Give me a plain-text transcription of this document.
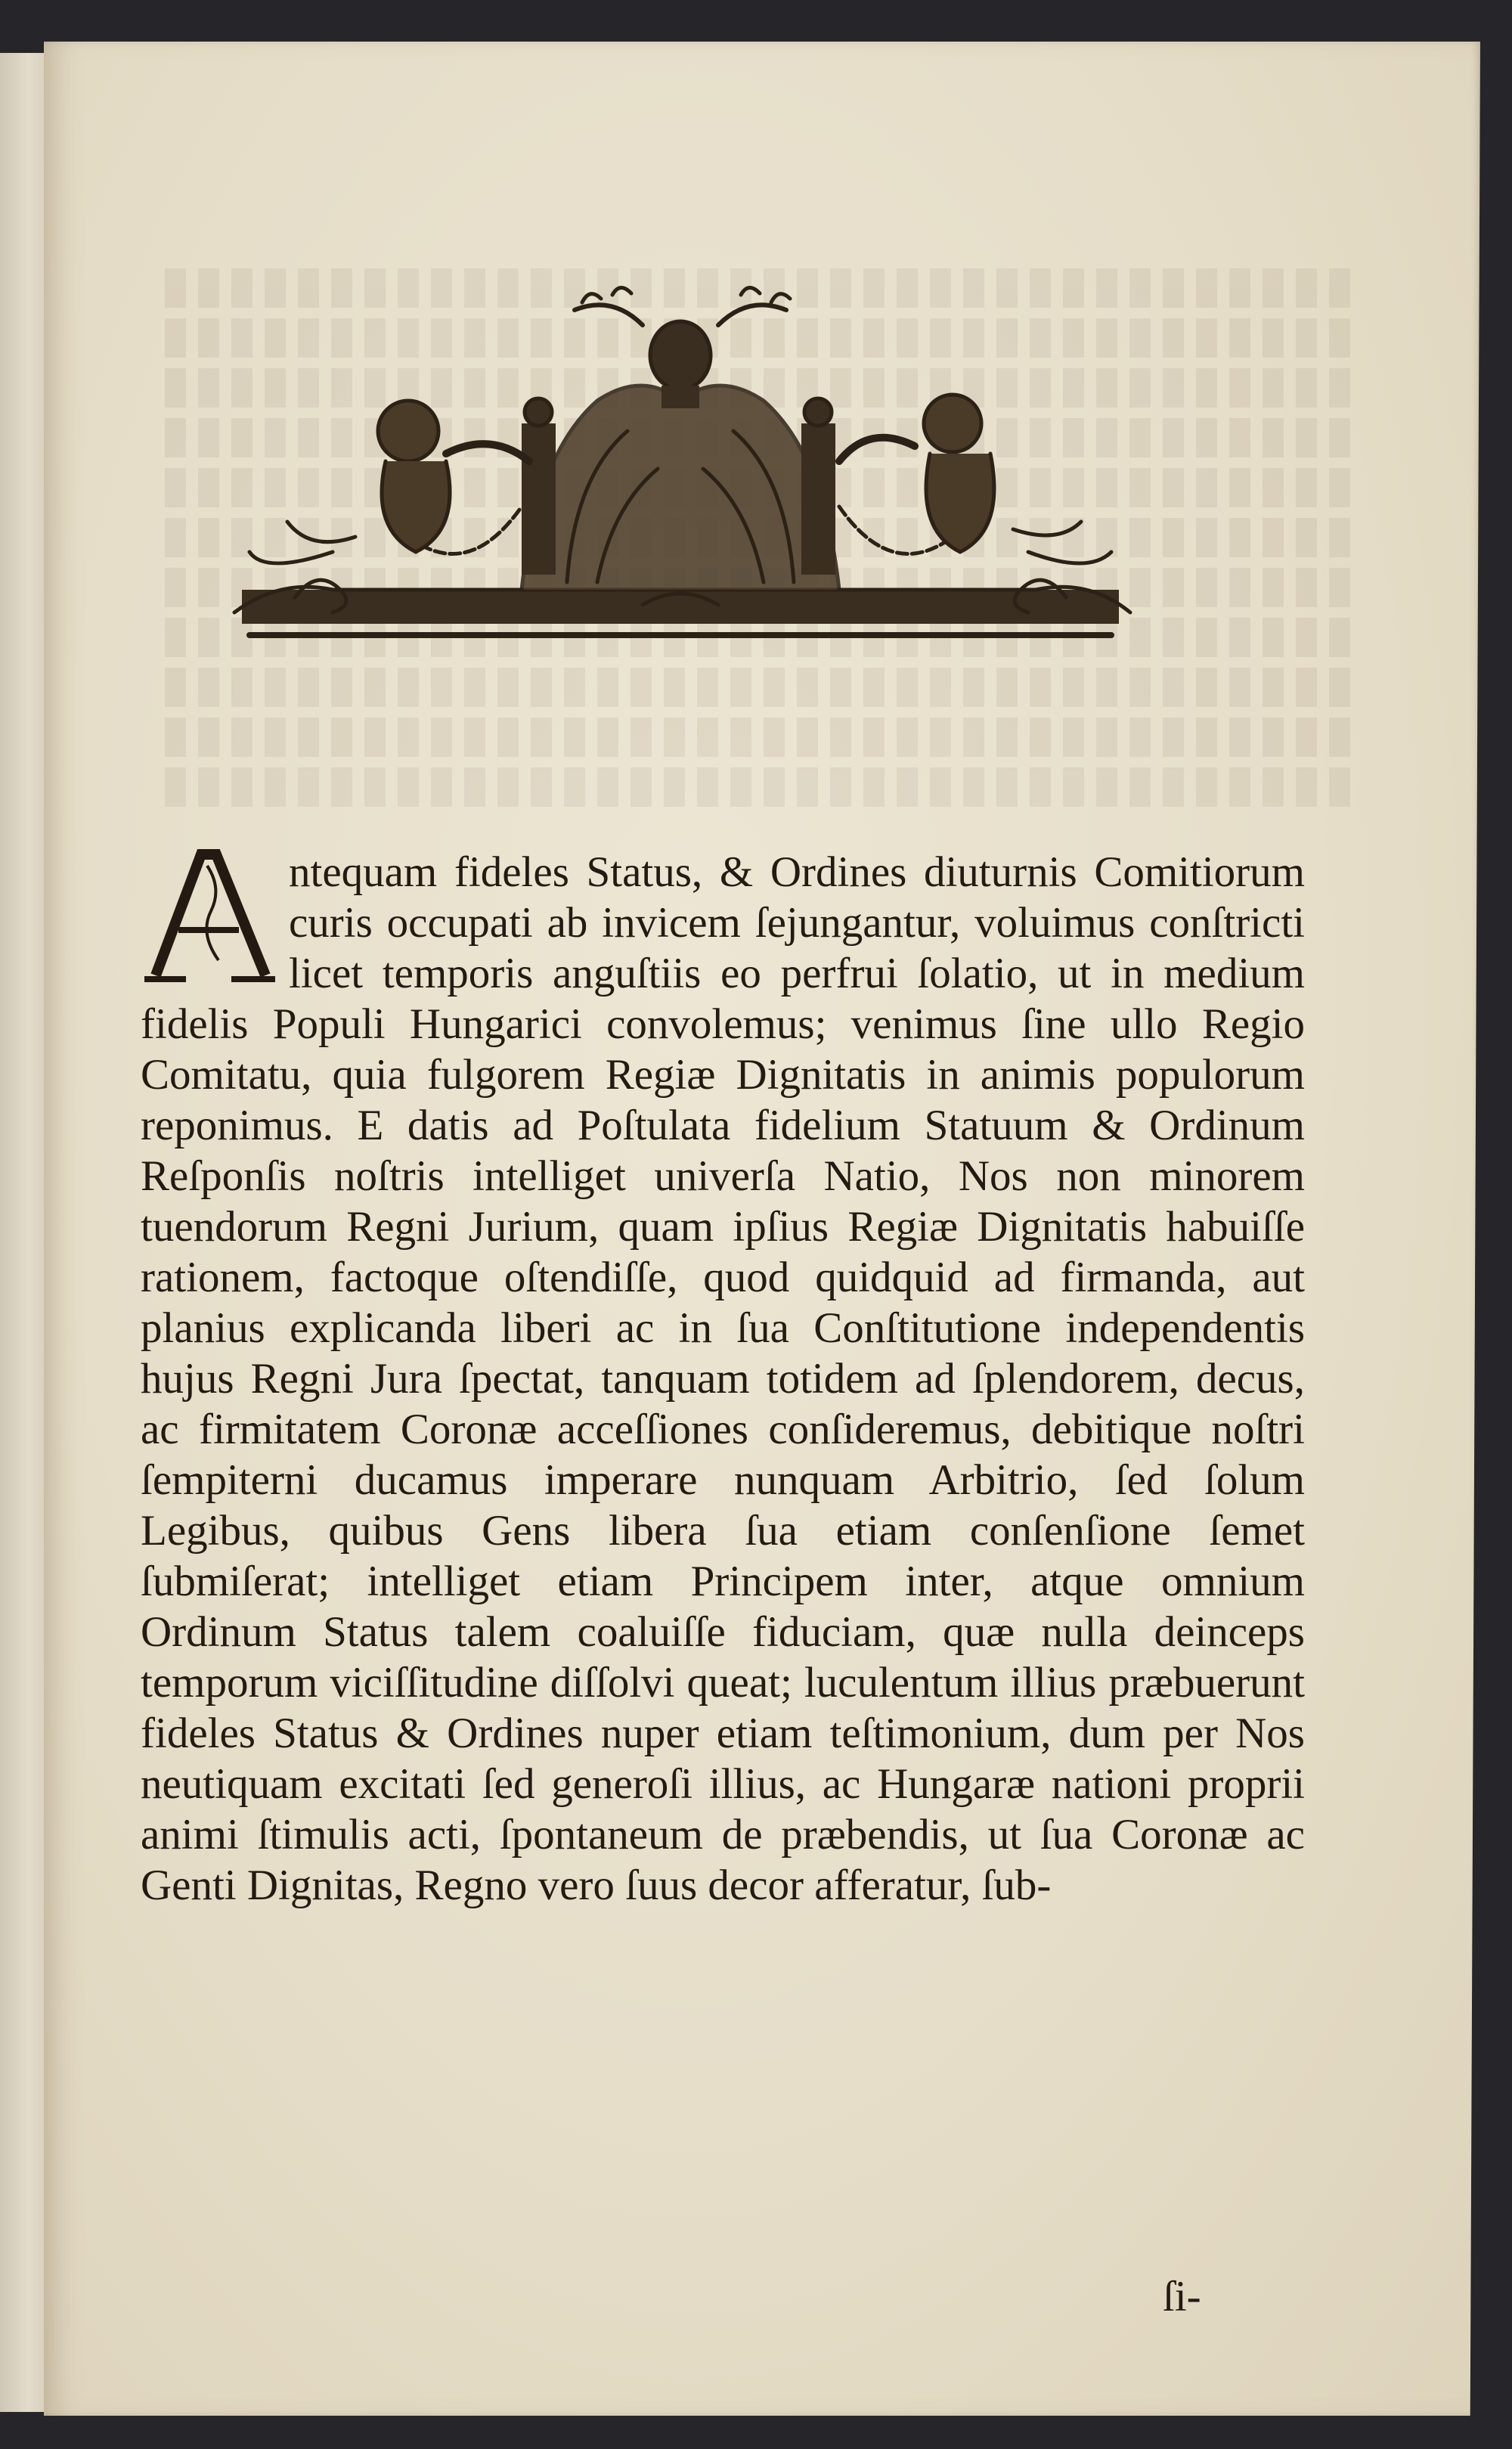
ntequam fideles Status, & Ordines diuturnis Comitiorum curis occupati ab invicem ſejungantur, voluimus conſtricti licet temporis anguſtiis eo perfrui ſolatio, ut in medium fidelis Populi Hungarici convolemus; venimus ſine ullo Regio Comitatu, quia fulgorem Regiæ Dignitatis in animis populorum reponimus. E datis ad Poſtulata fidelium Statuum & Ordinum Reſponſis noſtris intelliget univerſa Natio, Nos non minorem tuendorum Regni Jurium, quam ipſius Regiæ Dignitatis habuiſſe rationem, factoque oſtendiſſe, quod quidquid ad firmanda, aut planius explicanda liberi ac in ſua Conſtitutione independentis hujus Regni Jura ſpectat, tanquam totidem ad ſplendorem, decus, ac firmitatem Coronæ acceſſiones conſideremus, debitique noſtri ſempiterni ducamus imperare nunquam Arbitrio, ſed ſolum Legibus, quibus Gens libera ſua etiam conſenſione ſemet ſubmiſerat; intelliget etiam Principem inter, atque omnium Ordinum Status talem coaluiſſe fiduciam, quæ nulla deinceps temporum viciſſitudine diſſolvi queat; luculentum illius præbuerunt fideles Status & Ordines nuper etiam teſtimonium, dum per Nos neutiquam excitati ſed generoſi illius, ac Hungaræ nationi proprii animi ſtimulis acti, ſpontaneum de præbendis, ut ſua Coronæ ac Genti Dignitas, Regno vero ſuus decor afferatur, ſub-

ſi-
